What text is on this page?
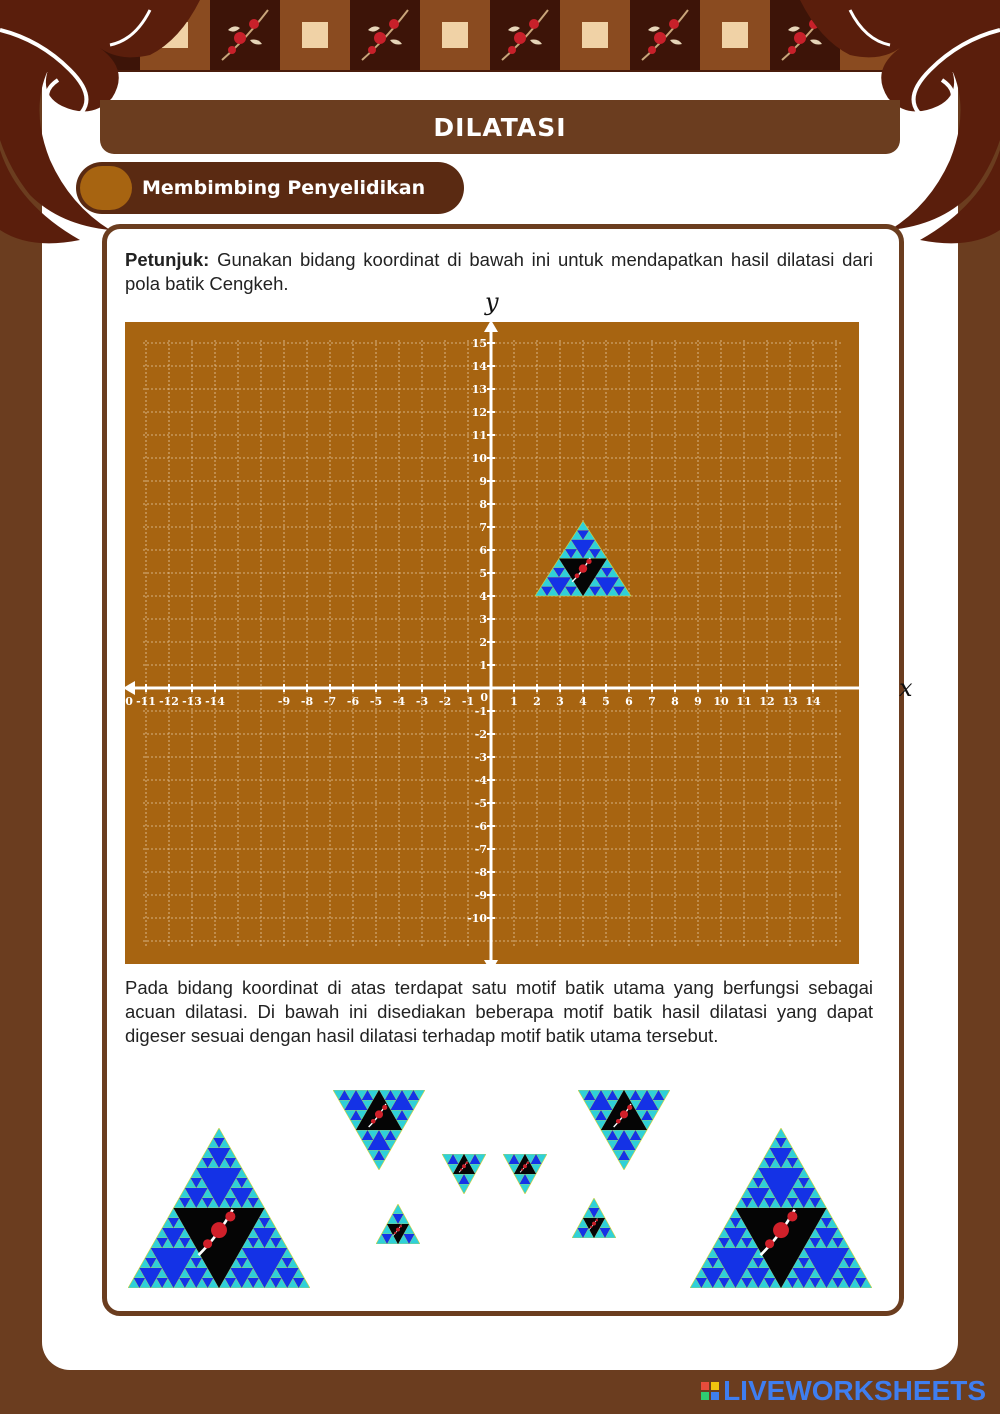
DILATASI
Membimbing Penyelidikan
Petunjuk: Gunakan bidang koordinat di bawah ini untuk mendapatkan hasil dilatasi dari pola batik Cengkeh.
-10 -11 -12 -13 -14	-9 -8 -7 -6 -5 -4 -3 -2 -1	1 2 3 4 5 6 7 8 9 10 11 12 13 14
15
14
13
12
11
10
9
8
7
6
5
4
3
2
1
-1
-2
-3
-4
-5
-6
-7
-8
-9
-10
0	x
y
Pada bidang koordinat di atas terdapat satu motif batik utama yang berfungsi sebagai acuan dilatasi. Di bawah ini disediakan beberapa motif batik hasil dilatasi yang dapat digeser sesuai dengan hasil dilatasi terhadap motif batik utama tersebut.
LIVEWORKSHEETS
